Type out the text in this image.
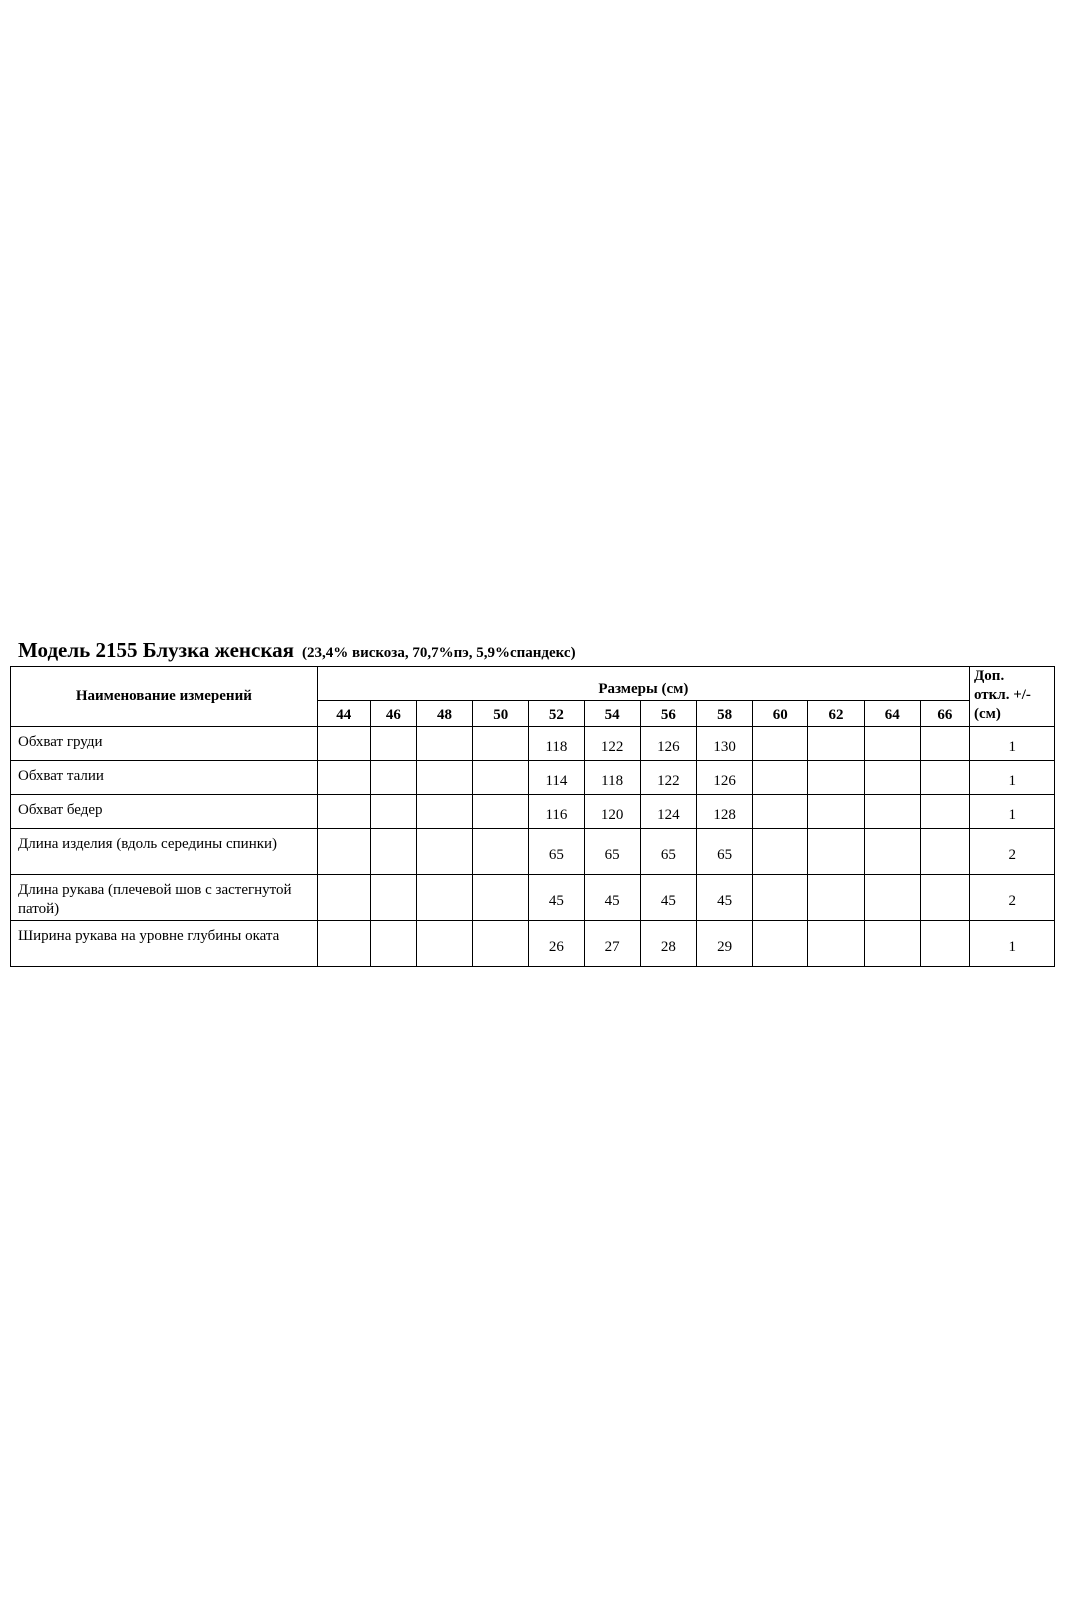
Модель 2155 Блузка женская (23,4% вискоза, 70,7%пэ, 5,9%спандекс)
Наименование измерений	Размеры (см)												Доп.
откл. +/-
(см)

	44	46	48	50	52	54	56	58	60	62	64	66	
Обхват груди					118	122	126	130					1
Обхват талии					114	118	122	126					1
Обхват бедер					116	120	124	128					1
Длина изделия (вдоль середины спинки)					65	65	65	65					2
Длина рукава (плечевой шов с застегнутой патой)					45	45	45	45					2
Ширина рукава на уровне глубины оката					26	27	28	29					1
